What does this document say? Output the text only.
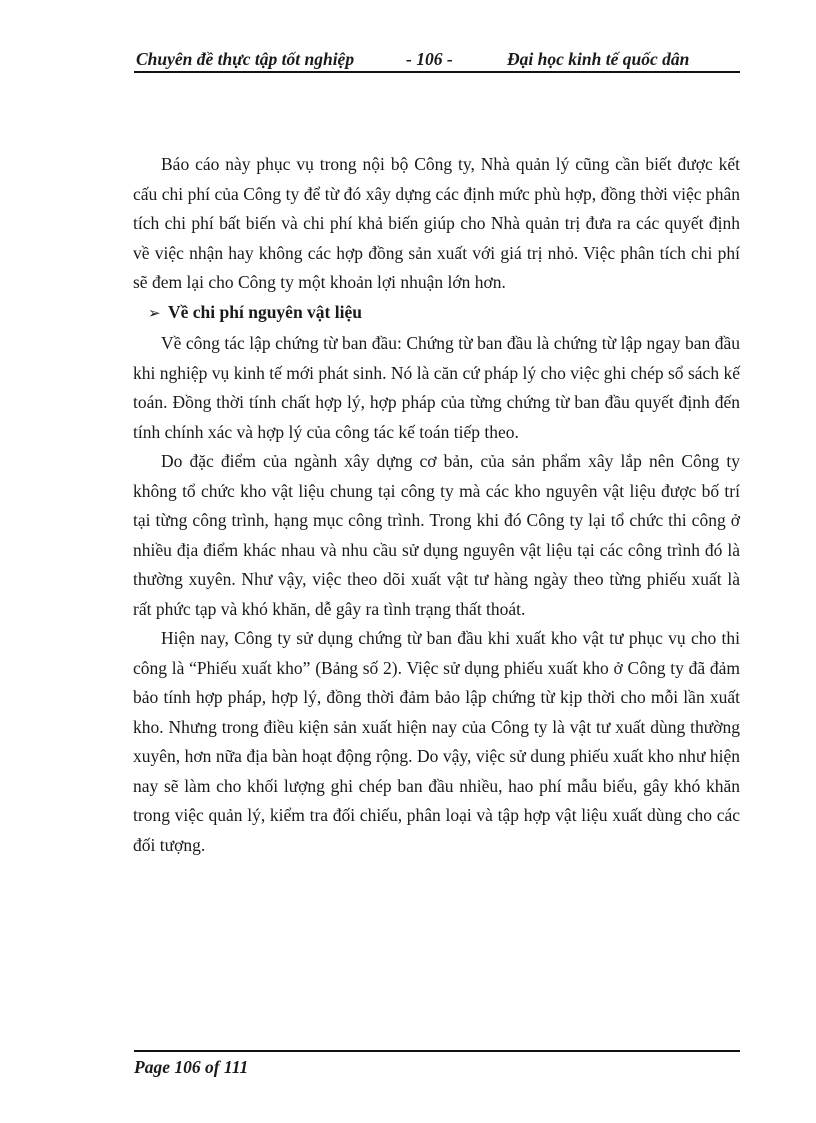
Chuyên đề thực tập tốt nghiệp	- 106 -	Đại học kinh tế quốc dân

Báo cáo này phục vụ trong nội bộ Công ty, Nhà quản lý cũng cần biết được kết cấu chi phí của Công ty để từ đó xây dựng các định mức phù hợp, đồng thời việc phân tích chi phí bất biến và chi phí khả biến giúp cho Nhà quản trị đưa ra các quyết định về việc nhận hay không các hợp đồng sản xuất với giá trị nhỏ. Việc phân tích chi phí sẽ đem lại cho Công ty một khoản lợi nhuận lớn hơn.

➢ Về chi phí nguyên vật liệu

Về công tác lập chứng từ ban đầu: Chứng từ ban đầu là chứng từ lập ngay ban đầu khi nghiệp vụ kinh tế mới phát sinh. Nó là căn cứ pháp lý cho việc ghi chép sổ sách kế toán. Đồng thời tính chất hợp lý, hợp pháp của từng chứng từ ban đầu quyết định đến tính chính xác và hợp lý của công tác kế toán tiếp theo.

Do đặc điểm của ngành xây dựng cơ bản, của sản phẩm xây lắp nên Công ty không tổ chức kho vật liệu chung tại công ty mà các kho nguyên vật liệu được bố trí tại từng công trình, hạng mục công trình. Trong khi đó Công ty lại tổ chức thi công ở nhiều địa điểm khác nhau và nhu cầu sử dụng nguyên vật liệu tại các công trình đó là thường xuyên. Như vậy, việc theo dõi xuất vật tư hàng ngày theo từng phiếu xuất là rất phức tạp và khó khăn, dễ gây ra tình trạng thất thoát.

Hiện nay, Công ty sử dụng chứng từ ban đầu khi xuất kho vật tư phục vụ cho thi công là “Phiếu xuất kho” (Bảng số 2). Việc sử dụng phiếu xuất kho ở Công ty đã đảm bảo tính hợp pháp, hợp lý, đồng thời đảm bảo lập chứng từ kịp thời cho mỗi lần xuất kho. Nhưng trong điều kiện sản xuất hiện nay của Công ty là vật tư xuất dùng thường xuyên, hơn nữa địa bàn hoạt động rộng. Do vậy, việc sử dung phiếu xuất kho như hiện nay sẽ làm cho khối lượng ghi chép ban đầu nhiều, hao phí mẫu biểu, gây khó khăn trong việc quản lý, kiểm tra đối chiếu, phân loại và tập hợp vật liệu xuất dùng cho các đối tượng.

Page 106 of 111
